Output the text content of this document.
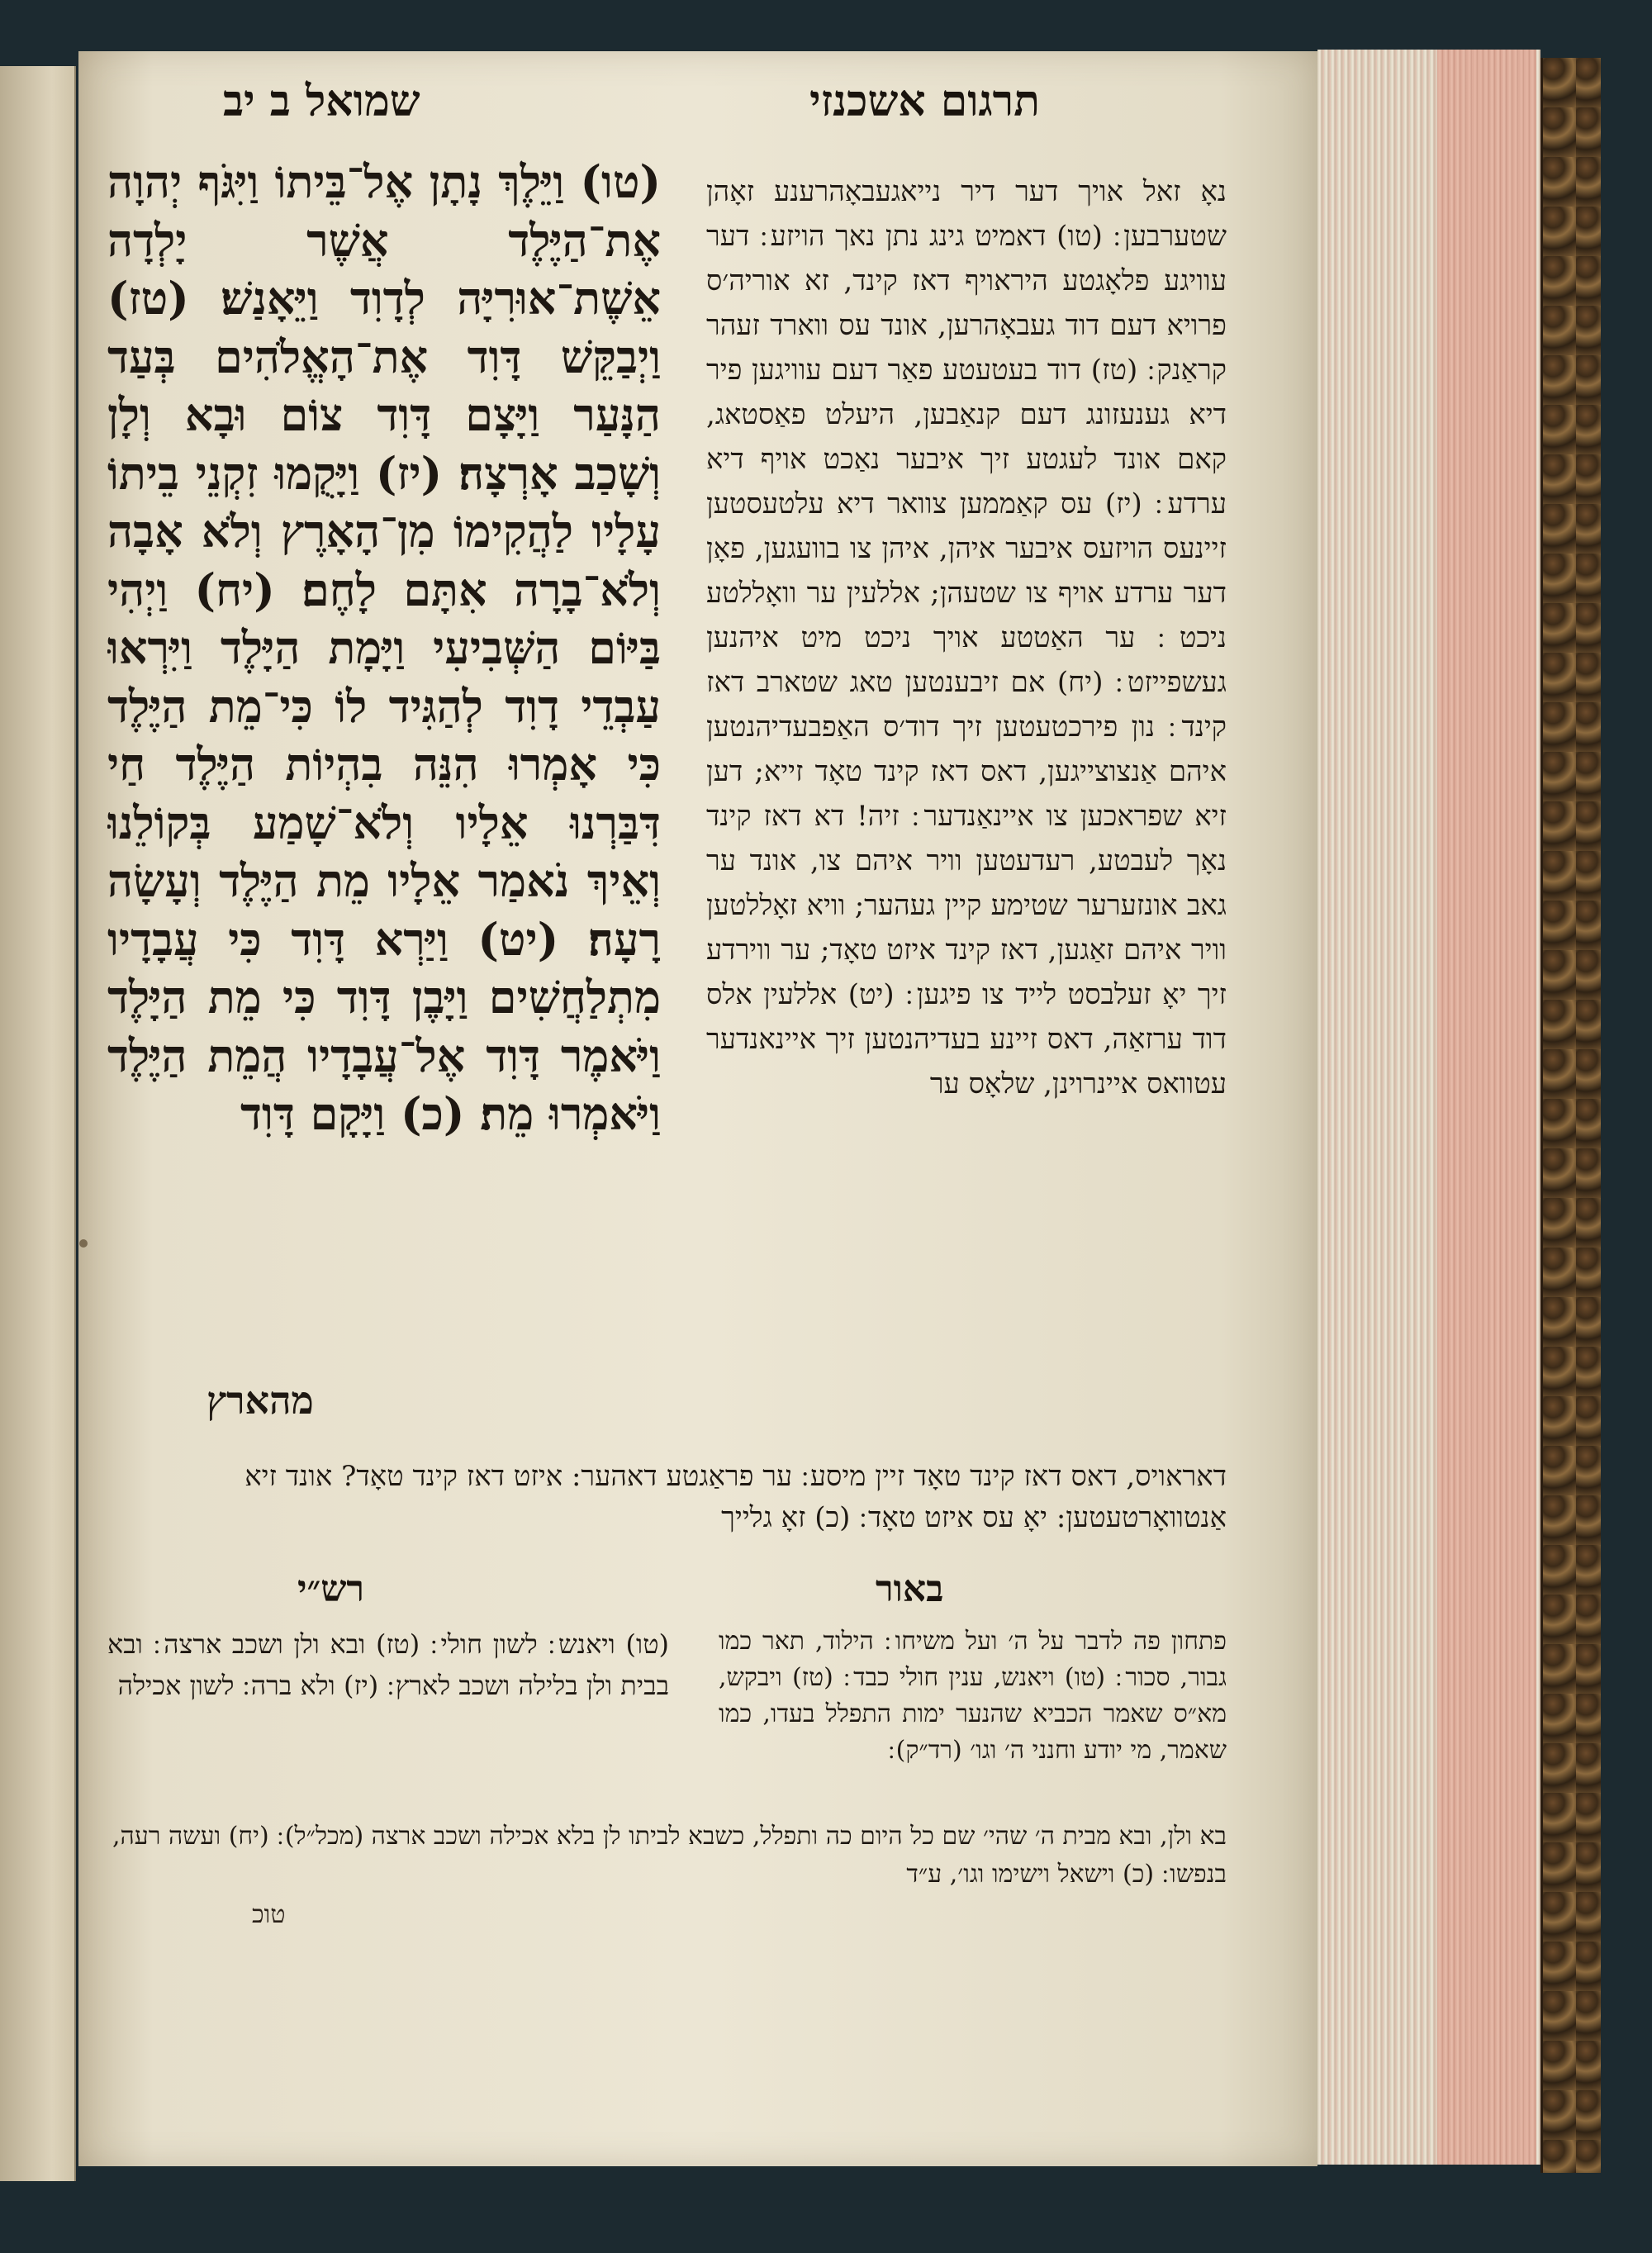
תרגום אשכנזי
שמואל ב יב
(טו) וַיֵּלֶךְ נָתָן אֶל־בֵּיתוֹ וַיִּגֹּף יְהוָה אֶת־הַיֶּלֶד אֲשֶׁר יָלְדָה אֵשֶׁת־אוּרִיָּה לְדָוִד וַיֵּאָנַשׁ׃ (טז) וַיְבַקֵּשׁ דָּוִד אֶת־הָאֱלֹהִים בְּעַד הַנָּעַר וַיָּצָם דָּוִד צוֹם וּבָא וְלָן וְשָׁכַב אָרְצָה׃ (יז) וַיָּקֻמוּ זִקְנֵי בֵיתוֹ עָלָיו לַהֲקִימוֹ מִן־הָאָרֶץ וְלֹא אָבָה וְלֹא־בָרָה אִתָּם לָחֶם׃ (יח) וַיְהִי בַּיּוֹם הַשְּׁבִיעִי וַיָּמָת הַיָּלֶד וַיִּרְאוּ עַבְדֵי דָוִד לְהַגִּיד לוֹ כִּי־מֵת הַיֶּלֶד כִּי אָמְרוּ הִנֵּה בִהְיוֹת הַיֶּלֶד חַי דִּבַּרְנוּ אֵלָיו וְלֹא־שָׁמַע בְּקוֹלֵנוּ וְאֵיךְ נֹאמַר אֵלָיו מֵת הַיֶּלֶד וְעָשָׂה רָעָה׃ (יט) וַיַּרְא דָּוִד כִּי עֲבָדָיו מִתְלַחֲשִׁים וַיָּבֶן דָּוִד כִּי מֵת הַיָּלֶד וַיֹּאמֶר דָּוִד אֶל־עֲבָדָיו הֲמֵת הַיֶּלֶד וַיֹּאמְרוּ מֵת׃ (כ) וַיָּקָם דָּוִד
מהארץ
נאָ זאל אויך דער דיר נייאגעבאָהרענע זאָהן שטערבען ׃ (טו) דאמיט גינג נתן נאך הויזע ׃ דער עוויגע פלאָגטע היראויף דאז קינד, זא אוריה׳ס פרויא דעם דוד געבאָהרען, אונד עס ווארד זעהר קראַנק ׃ (טז) דוד בעטעטע פאַר דעם עוויגען פיר דיא גענעזונג דעם קנאַבען, היעלט פאַסטאג, קאם אונד לעגטע זיך איבער נאַכט אויף דיא ערדע ׃ (יז) עס קאַממען צוואר דיא עלטעסטען זיינעס הויזעס איבער איהן, איהן צו בוועגען, פאָן דער ערדע אויף צו שטעהן; אללעין ער וואָללטע ניכט ׃ ער האַטטע אויך ניכט מיט איהנען געשפייזט ׃ (יח) אם זיבענטען טאג שטארב דאז קינד ׃ נון פירכטעטען זיך דוד׳ס האַפבעדיהנטען איהם אַנצוצייגען, דאס דאז קינד טאָד זייא; דען זיא שפראכען צו איינאַנדער ׃ זיה! דא דאז קינד נאָך לעבטע, רעדעטען וויר איהם צו, אונד ער גאב אונזערער שטימע קיין געהער; וויא זאָללטען וויר איהם זאַגען, דאז קינד איזט טאָד; ער ווירדע זיך יאָ זעלבסט לייד צו פיגען ׃ (יט) אללעין אלס דוד ערזאַה, דאס זיינע בעדיהנטען זיך איינאנדער עטוואס איינרוינן, שלאָס ער
דאראויס, דאס דאז קינד טאָד זיין מיסע ׃ ער פראַגטע דאהער: איזט דאז קינד טאָד? אונד זיא אַנטוואָרטעטען: יאָ עס איזט טאָד ׃ (כ) זאָ גלייך
רש״י	באור
(טו) ויאנש ׃ לשון חולי ׃ (טז) ובא ולן ושכב ארצה ׃ ובא בבית ולן בלילה ושכב לארץ ׃ (יז) ולא ברה ׃ לשון אכילה
פתחון פה לדבר על ה׳ ועל משיחו ׃ הילוד, תאר כמו גבור, סכור ׃ (טו) ויאנש, ענין חולי כבד ׃ (טז) ויבקש, מא״ס שאמר הכביא שהנער ימות התפלל בעדו, כמו שאמר, מי יודע וחנני ה׳ וגו׳ (רד״ק) ׃
בא ולן, ובא מבית ה׳ שהי׳ שם כל היום כה ותפלל, כשבא לביתו לן בלא אכילה ושכב ארצה (מכל״ל) ׃ (יח) ועשה רעה, בנפשו ׃ (כ) וישאל וישימו וגו׳, ע״ד
טוכ
